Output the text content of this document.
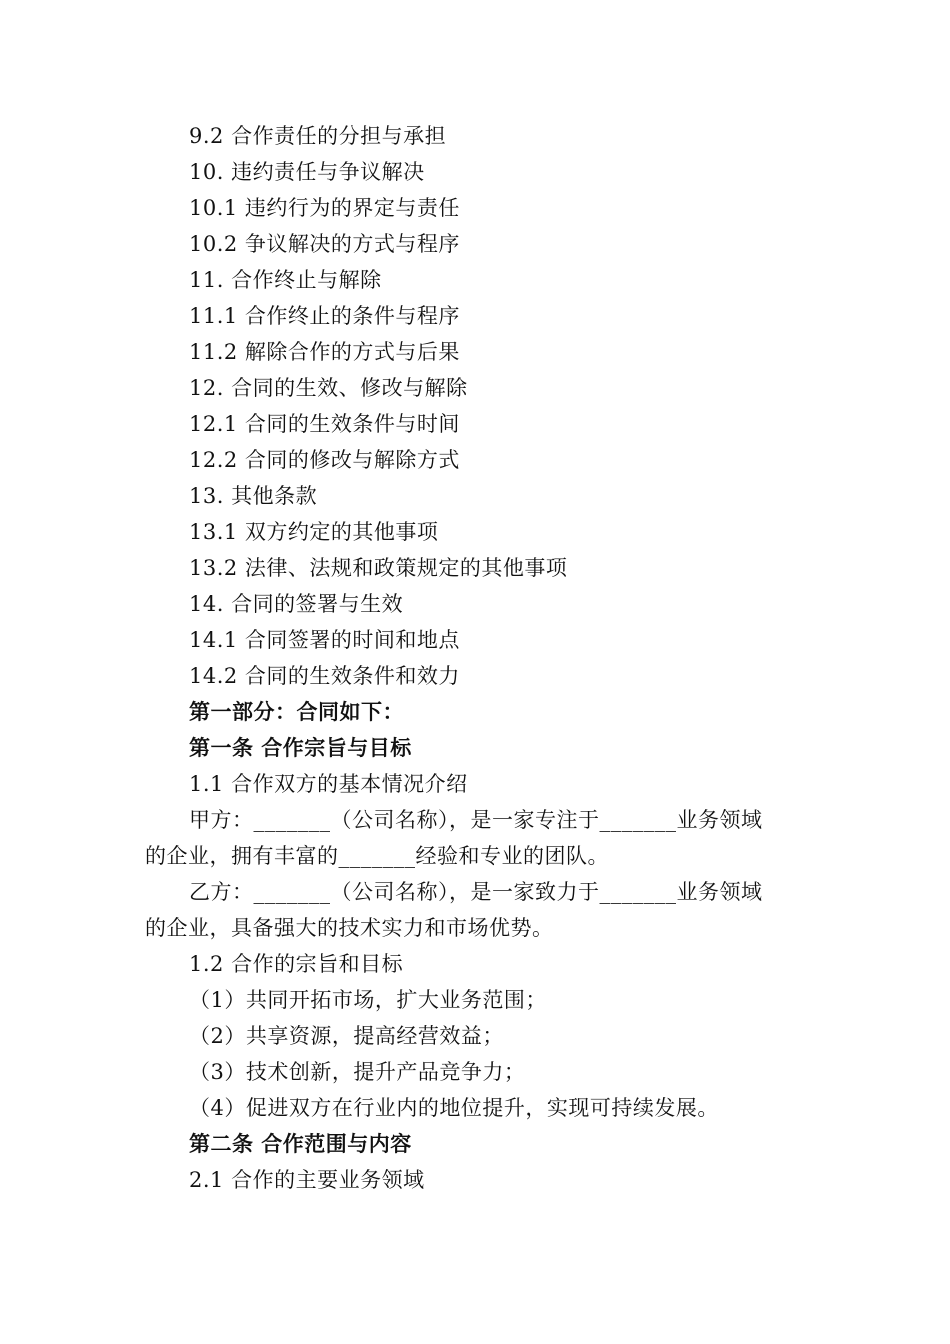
9.2 合作责任的分担与承担
10. 违约责任与争议解决
10.1 违约行为的界定与责任
10.2 争议解决的方式与程序
11. 合作终止与解除
11.1 合作终止的条件与程序
11.2 解除合作的方式与后果
12. 合同的生效、修改与解除
12.1 合同的生效条件与时间
12.2 合同的修改与解除方式
13. 其他条款
13.1 双方约定的其他事项
13.2 法律、法规和政策规定的其他事项
14. 合同的签署与生效
14.1 合同签署的时间和地点
14.2 合同的生效条件和效力
第一部分：合同如下：
第一条 合作宗旨与目标
1.1 合作双方的基本情况介绍
甲方：_______（公司名称），是一家专注于_______业务领域
的企业，拥有丰富的_______经验和专业的团队。
乙方：_______（公司名称），是一家致力于_______业务领域
的企业，具备强大的技术实力和市场优势。
1.2 合作的宗旨和目标
（1）共同开拓市场，扩大业务范围；
（2）共享资源，提高经营效益；
（3）技术创新，提升产品竞争力；
（4）促进双方在行业内的地位提升，实现可持续发展。
第二条 合作范围与内容
2.1 合作的主要业务领域
